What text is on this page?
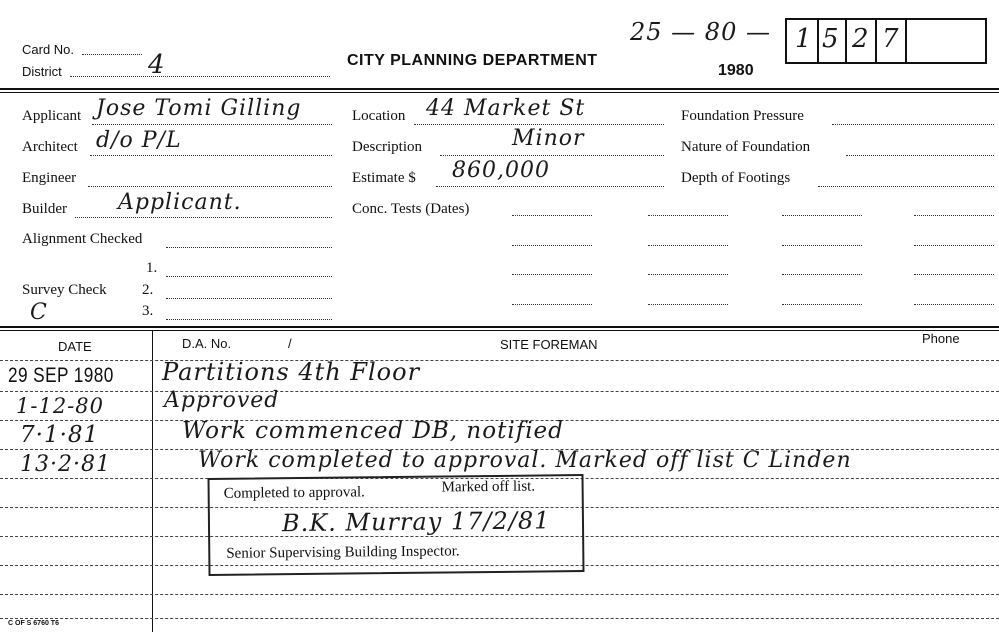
Card No.
District	4	CITY PLANNING DEPARTMENT
1980
25 — 80 — 1 5 2 7
Applicant Jose Tomi Gilling
Architect d/o P/L
Engineer
Builder Applicant.
Alignment Checked
1.
Survey Check 2.
3.
C
Location 44 Market St
Description	Minor
Estimate $ 860,000
Conc. Tests (Dates)
Foundation Pressure
Nature of Foundation
Depth of Footings
DATE	D.A. No.	/	SITE FOREMAN	Phone
29 SEP 1980 Partitions 4th Floor
1-12-80	Approved
7·1·81	Work commenced DB, notified
13·2·81	Work completed to approval. Marked off list C Linden
Completed to approval.	Marked off list.
B.K. Murray 17/2/81
Senior Supervising Building Inspector.
C OF S 6760 T6
